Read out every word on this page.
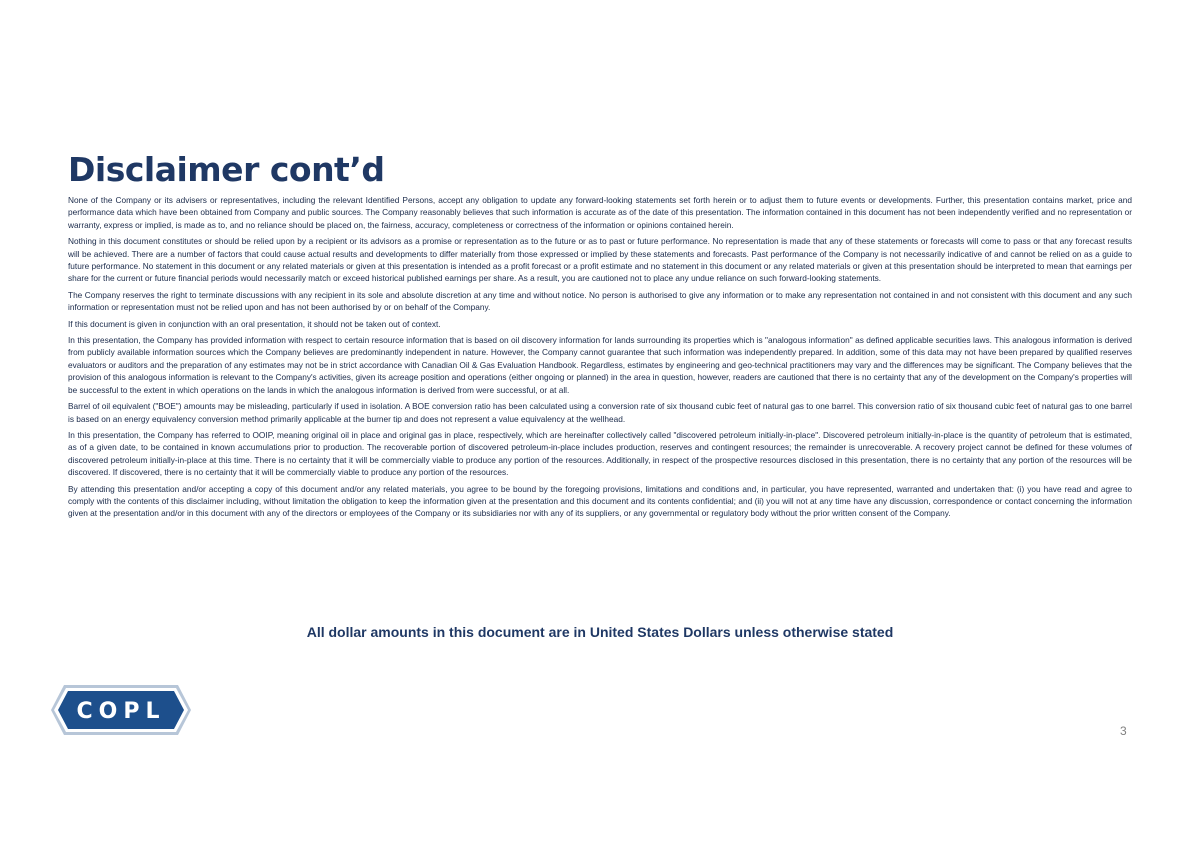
Disclaimer cont’d

None of the Company or its advisers or representatives, including the relevant Identified Persons, accept any obligation to update any forward-looking statements set forth herein or to adjust them to future events or developments. Further, this presentation contains market, price and performance data which have been obtained from Company and public sources. The Company reasonably believes that such information is accurate as of the date of this presentation. The information contained in this document has not been independently verified and no representation or warranty, express or implied, is made as to, and no reliance should be placed on, the fairness, accuracy, completeness or correctness of the information or opinions contained herein.

Nothing in this document constitutes or should be relied upon by a recipient or its advisors as a promise or representation as to the future or as to past or future performance. No representation is made that any of these statements or forecasts will come to pass or that any forecast results will be achieved. There are a number of factors that could cause actual results and developments to differ materially from those expressed or implied by these statements and forecasts. Past performance of the Company is not necessarily indicative of and cannot be relied on as a guide to future performance. No statement in this document or any related materials or given at this presentation is intended as a profit forecast or a profit estimate and no statement in this document or any related materials or given at this presentation should be interpreted to mean that earnings per share for the current or future financial periods would necessarily match or exceed historical published earnings per share. As a result, you are cautioned not to place any undue reliance on such forward-looking statements.

The Company reserves the right to terminate discussions with any recipient in its sole and absolute discretion at any time and without notice. No person is authorised to give any information or to make any representation not contained in and not consistent with this document and any such information or representation must not be relied upon and has not been authorised by or on behalf of the Company.

If this document is given in conjunction with an oral presentation, it should not be taken out of context.

In this presentation, the Company has provided information with respect to certain resource information that is based on oil discovery information for lands surrounding its properties which is "analogous information" as defined applicable securities laws. This analogous information is derived from publicly available information sources which the Company believes are predominantly independent in nature. However, the Company cannot guarantee that such information was independently prepared. In addition, some of this data may not have been prepared by qualified reserves evaluators or auditors and the preparation of any estimates may not be in strict accordance with Canadian Oil & Gas Evaluation Handbook. Regardless, estimates by engineering and geo-technical practitioners may vary and the differences may be significant. The Company believes that the provision of this analogous information is relevant to the Company's activities, given its acreage position and operations (either ongoing or planned) in the area in question, however, readers are cautioned that there is no certainty that any of the development on the Company's properties will be successful to the extent in which operations on the lands in which the analogous information is derived from were successful, or at all.

Barrel of oil equivalent ("BOE") amounts may be misleading, particularly if used in isolation. A BOE conversion ratio has been calculated using a conversion rate of six thousand cubic feet of natural gas to one barrel. This conversion ratio of six thousand cubic feet of natural gas to one barrel is based on an energy equivalency conversion method primarily applicable at the burner tip and does not represent a value equivalency at the wellhead.

In this presentation, the Company has referred to OOIP, meaning original oil in place and original gas in place, respectively, which are hereinafter collectively called "discovered petroleum initially-in-place". Discovered petroleum initially-in-place is the quantity of petroleum that is estimated, as of a given date, to be contained in known accumulations prior to production. The recoverable portion of discovered petroleum-in-place includes production, reserves and contingent resources; the remainder is unrecoverable. A recovery project cannot be defined for these volumes of discovered petroleum initially-in-place at this time. There is no certainty that it will be commercially viable to produce any portion of the resources. Additionally, in respect of the prospective resources disclosed in this presentation, there is no certainty that any portion of the resources will be discovered. If discovered, there is no certainty that it will be commercially viable to produce any portion of the resources.

By attending this presentation and/or accepting a copy of this document and/or any related materials, you agree to be bound by the foregoing provisions, limitations and conditions and, in particular, you have represented, warranted and undertaken that: (i) you have read and agree to comply with the contents of this disclaimer including, without limitation the obligation to keep the information given at the presentation and this document and its contents confidential; and (ii) you will not at any time have any discussion, correspondence or contact concerning the information given at the presentation and/or in this document with any of the directors or employees of the Company or its subsidiaries nor with any of its suppliers, or any governmental or regulatory body without the prior written consent of the Company.

All dollar amounts in this document are in United States Dollars unless otherwise stated
COPL
3
